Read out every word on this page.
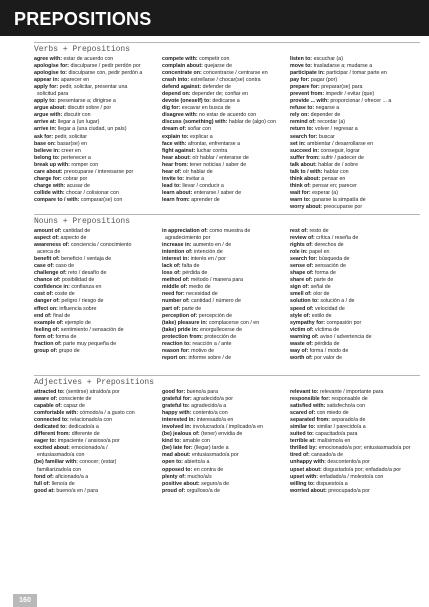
PREPOSITIONS
Verbs + Prepositions
agree with: estar de acuerdo con
apologise for: disculparse / pedir perdón por
apologise to: disculparse con, pedir perdón a
appear in: aparecer en
apply for: pedir, solicitar, presentar una
solicitud para
apply to: presentarse a; dirigirse a
argue about: discutir sobre / por
argue with: discutir con
arrive at: llegar a (un lugar)
arrive in: llegar a (una ciudad, un país)
ask for: pedir, solicitar
base on: basar(se) en
believe in: creer en
belong to: pertenecer a
break up with: romper con
care about: preocuparse / interesarse por
charge for: cobrar por
charge with: acusar de
collide with: chocar / colisionar con
compare to / with: comparar(se) con
compete with: competir con
complain about: quejarse de
concentrate on: concentrarse / centrarse en
crash into: estrellarse / chocar(se) contra
defend against: defender de
depend on: depender de; confiar en
devote (oneself) to: dedicarse a
dig for: excavar en busca de
disagree with: no estar de acuerdo con
discuss (something) with: hablar de (algo) con
dream of: soñar con
explain to: explicar a
face with: afrontar, enfrentarse a
fight against: luchar contra
hear about: oír hablar / enterarse de
hear from: tener noticias / saber de
hear of: oír hablar de
invite to: invitar a
lead to: llevar / conducir a
learn about: enterarse / saber de
learn from: aprender de
listen to: escuchar (a)
move to: trasladarse a; mudarse a
participate in: participar / tomar parte en
pay for: pagar (por)
prepare for: preparar(se) para
prevent from: impedir / evitar (que)
provide ... with: proporcionar / ofrecer ... a
refuse to: negarse a
rely on: depender de
remind of: recordar (a)
return to: volver / regresar a
search for: buscar
set in: ambientar / desarrollarse en
succeed in: conseguir, lograr
suffer from: sufrir / padecer de
talk about: hablar de / sobre
talk to / with: hablar con
think about: pensar en
think of: pensar en; parecer
wait for: esperar (a)
warn to: ganarse la simpatía de
worry about: preocuparse por
Nouns + Prepositions
amount of: cantidad de
aspect of: aspecto de
awareness of: conciencia / conocimiento
acerca de
benefit of: beneficio / ventaja de
case of: caso de
challenge of: reto / desafío de
chance of: posibilidad de
confidence in: confianza en
cost of: coste de
danger of: peligro / riesgo de
effect on: influencia sobre
end of: final de
example of: ejemplo de
feeling of: sentimiento / sensación de
form of: forma de
fraction of: parte muy pequeña de
group of: grupo de
in appreciation of: como muestra de
agradecimiento por
increase in: aumento en / de
intention of: intención de
interest in: interés en / por
lack of: falta de
loss of: pérdida de
method of: método / manera para
middle of: medio de
need for: necesidad de
number of: cantidad / número de
part of: parte de
perception of: percepción de
(take) pleasure in: complacerse con / en
(take) pride in: enorgullecerse de
protection from: protección de
reaction to: reacción a / ante
reason for: motivo de
report on: informe sobre / de
rest of: resto de
review of: crítica / reseña de
rights of: derechos de
role in: papel en
search for: búsqueda de
sense of: sensación de
shape of: forma de
share of: parte de
sign of: señal de
smell of: olor de
solution to: solución a / de
speed of: velocidad de
style of: estilo de
sympathy for: compasión por
victim of: víctima de
warning of: aviso / advertencia de
waste of: pérdida de
way of: forma / modo de
worth of: por valor de
Adjectives + Prepositions
attracted to: (sentirse) atraído/a por
aware of: consciente de
capable of: capaz de
comfortable with: cómodo/a / a gusto con
connected to: relacionado/a con
dedicated to: dedicado/a a
different from: diferente de
eager to: impaciente / ansioso/a por
excited about: emocionado/a /
entusiasmado/a con
(be) familiar with: conocer; (estar)
familiarizado/a con
fond of: aficionado/a a
full of: lleno/a de
good at: bueno/a en / para
good for: bueno/a para
grateful for: agradecido/a por
grateful to: agradecido/a a
happy with: contento/a con
interested in: interesado/a en
involved in: involucrado/a / implicado/a en
(be) jealous of: (tener) envidia de
kind to: amable con
(be) late for: (llegar) tarde a
mad about: entusiasmado/a por
open to: abierto/a a
opposed to: en contra de
plenty of: mucho/a/s
positive about: seguro/a de
proud of: orgulloso/a de
relevant to: relevante / importante para
responsible for: responsable de
satisfied with: satisfecho/a con
scared of: con miedo de
separated from: separado/a de
similar to: similar / parecido/a a
suited to: capacitado/a para
terrible at: malísimo/a en
thrilled by: emocionado/a por; entusiasmado/a por
tired of: cansado/a de
unhappy with: descontento/a por
upset about: disgustado/a por; enfadado/a por
upset with: enfadado/a / molesto/a con
willing to: dispuesto/a a
worried about: preocupado/a por
160
